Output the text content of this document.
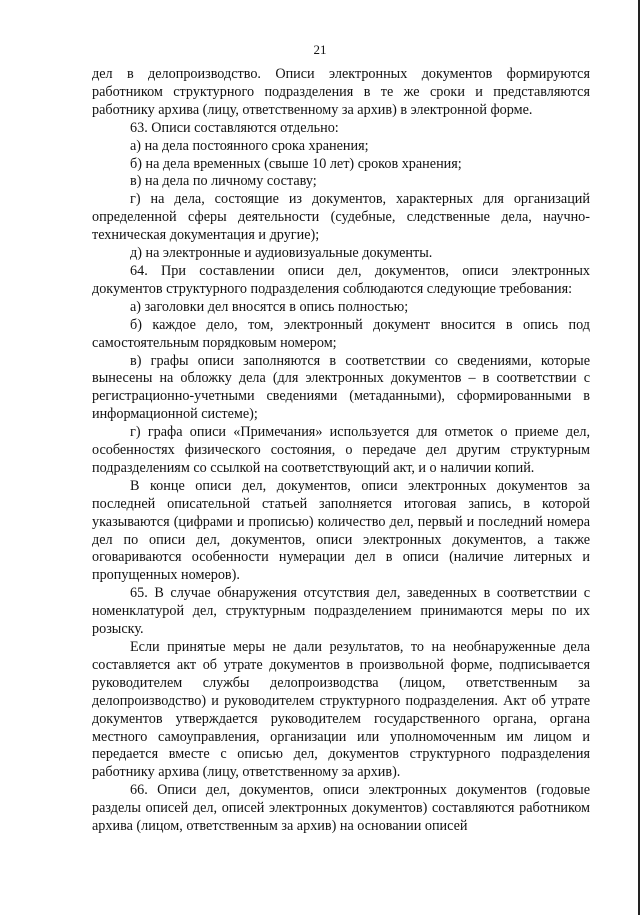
21

дел в делопроизводство. Описи электронных документов формируются работником структурного подразделения в те же сроки и представляются работнику архива (лицу, ответственному за архив) в электронной форме.

63. Описи составляются отдельно:

а) на дела постоянного срока хранения;

б) на дела временных (свыше 10 лет) сроков хранения;

в) на дела по личному составу;

г) на дела, состоящие из документов, характерных для организаций определенной сферы деятельности (судебные, следственные дела, научно-техническая документация и другие);

д) на электронные и аудиовизуальные документы.

64. При составлении описи дел, документов, описи электронных документов структурного подразделения соблюдаются следующие требования:

а) заголовки дел вносятся в опись полностью;

б) каждое дело, том, электронный документ вносится в опись под самостоятельным порядковым номером;

в) графы описи заполняются в соответствии со сведениями, которые вынесены на обложку дела (для электронных документов – в соответствии с регистрационно-учетными сведениями (метаданными), сформированными в информационной системе);

г) графа описи «Примечания» используется для отметок о приеме дел, особенностях физического состояния, о передаче дел другим структурным подразделениям со ссылкой на соответствующий акт, и о наличии копий.

В конце описи дел, документов, описи электронных документов за последней описательной статьей заполняется итоговая запись, в которой указываются (цифрами и прописью) количество дел, первый и последний номера дел по описи дел, документов, описи электронных документов, а также оговариваются особенности нумерации дел в описи (наличие литерных и пропущенных номеров).

65. В случае обнаружения отсутствия дел, заведенных в соответствии с номенклатурой дел, структурным подразделением принимаются меры по их розыску.

Если принятые меры не дали результатов, то на необнаруженные дела составляется акт об утрате документов в произвольной форме, подписывается руководителем службы делопроизводства (лицом, ответственным за делопроизводство) и руководителем структурного подразделения. Акт об утрате документов утверждается руководителем государственного органа, органа местного самоуправления, организации или уполномоченным им лицом и передается вместе с описью дел, документов структурного подразделения работнику архива (лицу, ответственному за архив).

66. Описи дел, документов, описи электронных документов (годовые разделы описей дел, описей электронных документов) составляются работником архива (лицом, ответственным за архив) на основании описей
